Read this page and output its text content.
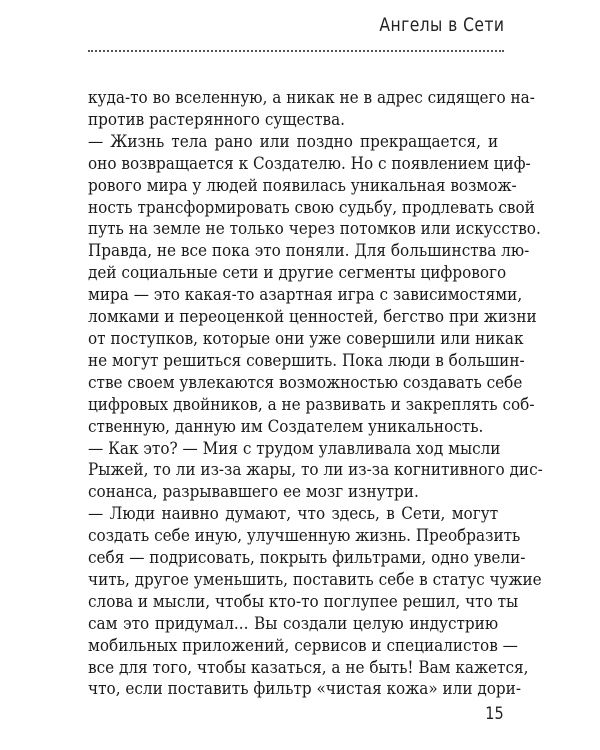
Ангелы в Сети
куда-то во вселенную, а никак не в адрес сидящего на-
против растерянного существа.
— Жизнь тела рано или поздно прекращается, и
оно возвращается к Создателю. Но с появлением циф-
рового мира у людей появилась уникальная возмож-
ность трансформировать свою судьбу, продлевать свой
путь на земле не только через потомков или искусство.
Правда, не все пока это поняли. Для большинства лю-
дей социальные сети и другие сегменты цифрового
мира — это какая-то азартная игра с зависимостями,
ломками и переоценкой ценностей, бегство при жизни
от поступков, которые они уже совершили или никак
не могут решиться совершить. Пока люди в большин-
стве своем увлекаются возможностью создавать себе
цифровых двойников, а не развивать и закреплять соб-
ственную, данную им Создателем уникальность.
— Как это? — Мия с трудом улавливала ход мысли
Рыжей, то ли из-за жары, то ли из-за когнитивного дис-
сонанса, разрывавшего ее мозг изнутри.
— Люди наивно думают, что здесь, в Сети, могут
создать себе иную, улучшенную жизнь. Преобразить
себя — подрисовать, покрыть фильтрами, одно увели-
чить, другое уменьшить, поставить себе в статус чужие
слова и мысли, чтобы кто-то поглупее решил, что ты
сам это придумал... Вы создали целую индустрию
мобильных приложений, сервисов и специалистов —
все для того, чтобы казаться, а не быть! Вам кажется,
что, если поставить фильтр «чистая кожа» или дори-
15
